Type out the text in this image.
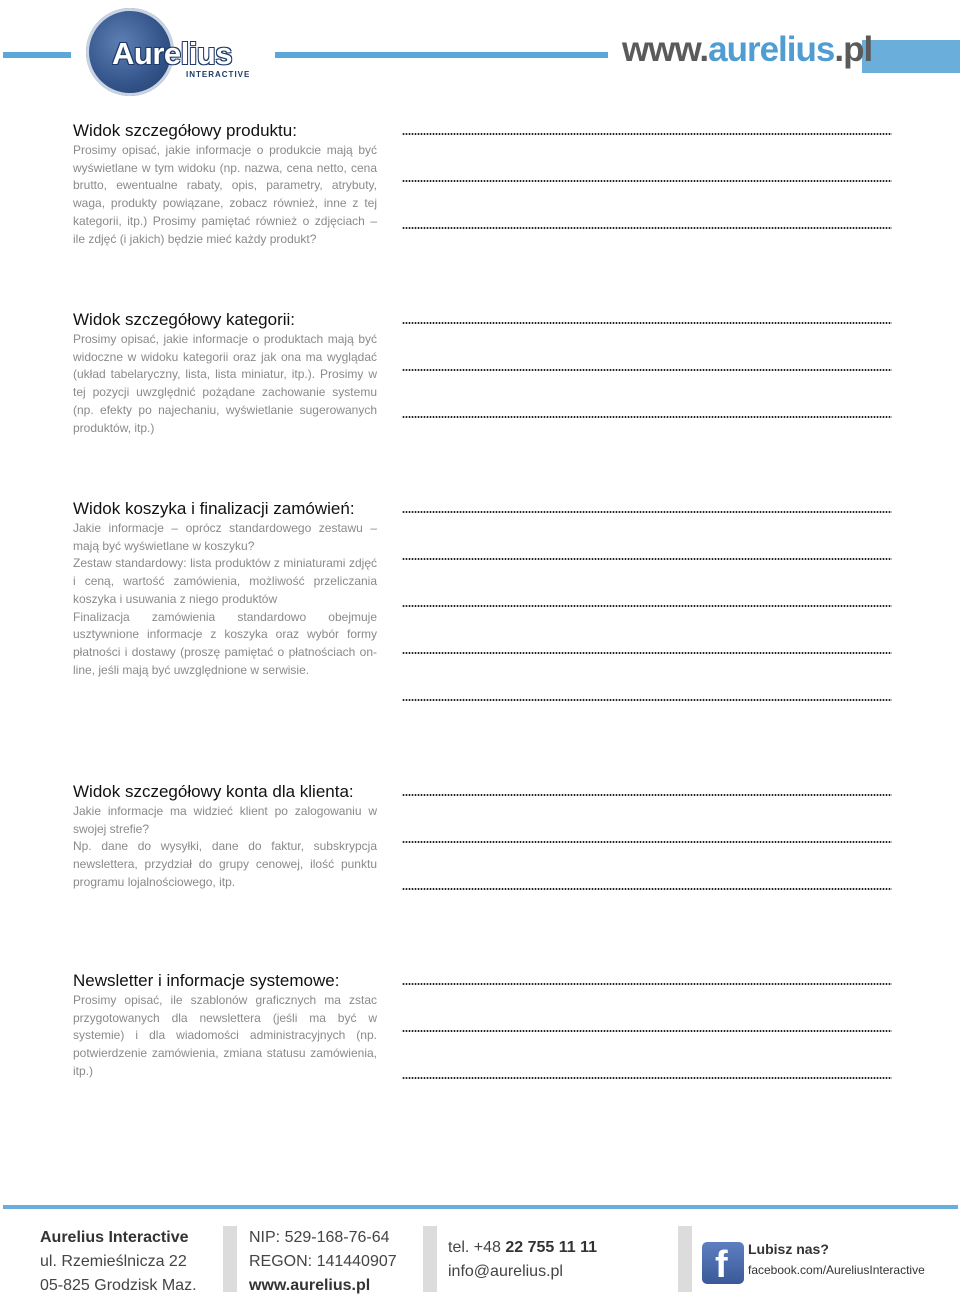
Aurelius
INTERACTIVE
www.aurelius.pl
Widok szczegółowy produktu:

Prosimy opisać, jakie informacje o produkcie mają być wyświetlane w tym widoku (np. nazwa, cena netto, cena brutto, ewentualne rabaty, opis, parametry, atrybuty, waga, produkty powiązane, zobacz również, inne z tej kategorii, itp.) Prosimy pamiętać również o zdjęciach – ile zdjęć (i jakich) będzie mieć każdy produkt?

Widok szczegółowy kategorii:

Prosimy opisać, jakie informacje o produktach mają być widoczne w widoku kategorii oraz jak ona ma wyglądać (układ tabelaryczny, lista, lista miniatur, itp.). Prosimy w tej pozycji uwzględnić pożądane zachowanie systemu (np. efekty po najechaniu, wyświetlanie sugerowanych produktów, itp.)

Widok koszyka i finalizacji zamówień:

Jakie informacje – oprócz standardowego zestawu – mają być wyświetlane w koszyku?

Zestaw standardowy: lista produktów z miniaturami zdjęć i ceną, wartość zamówienia, możliwość przeliczania koszyka i usuwania z niego produktów

Finalizacja zamówienia standardowo obejmuje usztywnione informacje z koszyka oraz wybór formy płatności i dostawy (proszę pamiętać o płatnościach on-line, jeśli mają być uwzględnione w serwisie.

Widok szczegółowy konta dla klienta:

Jakie informacje ma widzieć klient po zalogowaniu w swojej strefie?

Np. dane do wysyłki, dane do faktur, subskrypcja newslettera, przydział do grupy cenowej, ilość punktu programu lojalnościowego, itp.

Newsletter i informacje systemowe:

Prosimy opisać, ile szablonów graficznych ma zstac przygotowanych dla newslettera (jeśli ma być w systemie) i dla wiadomości administracyjnych (np. potwierdzenie zamówienia, zmiana statusu zamówienia, itp.)

Aurelius Interactive
ul. Rzemieślnicza 22
05-825 Grodzisk Maz.
NIP: 529-168-76-64
REGON: 141440907
www.aurelius.pl
tel. +48 22 755 11 11
info@aurelius.pl	f Lubisz nas?
facebook.com/AureliusInteractive
